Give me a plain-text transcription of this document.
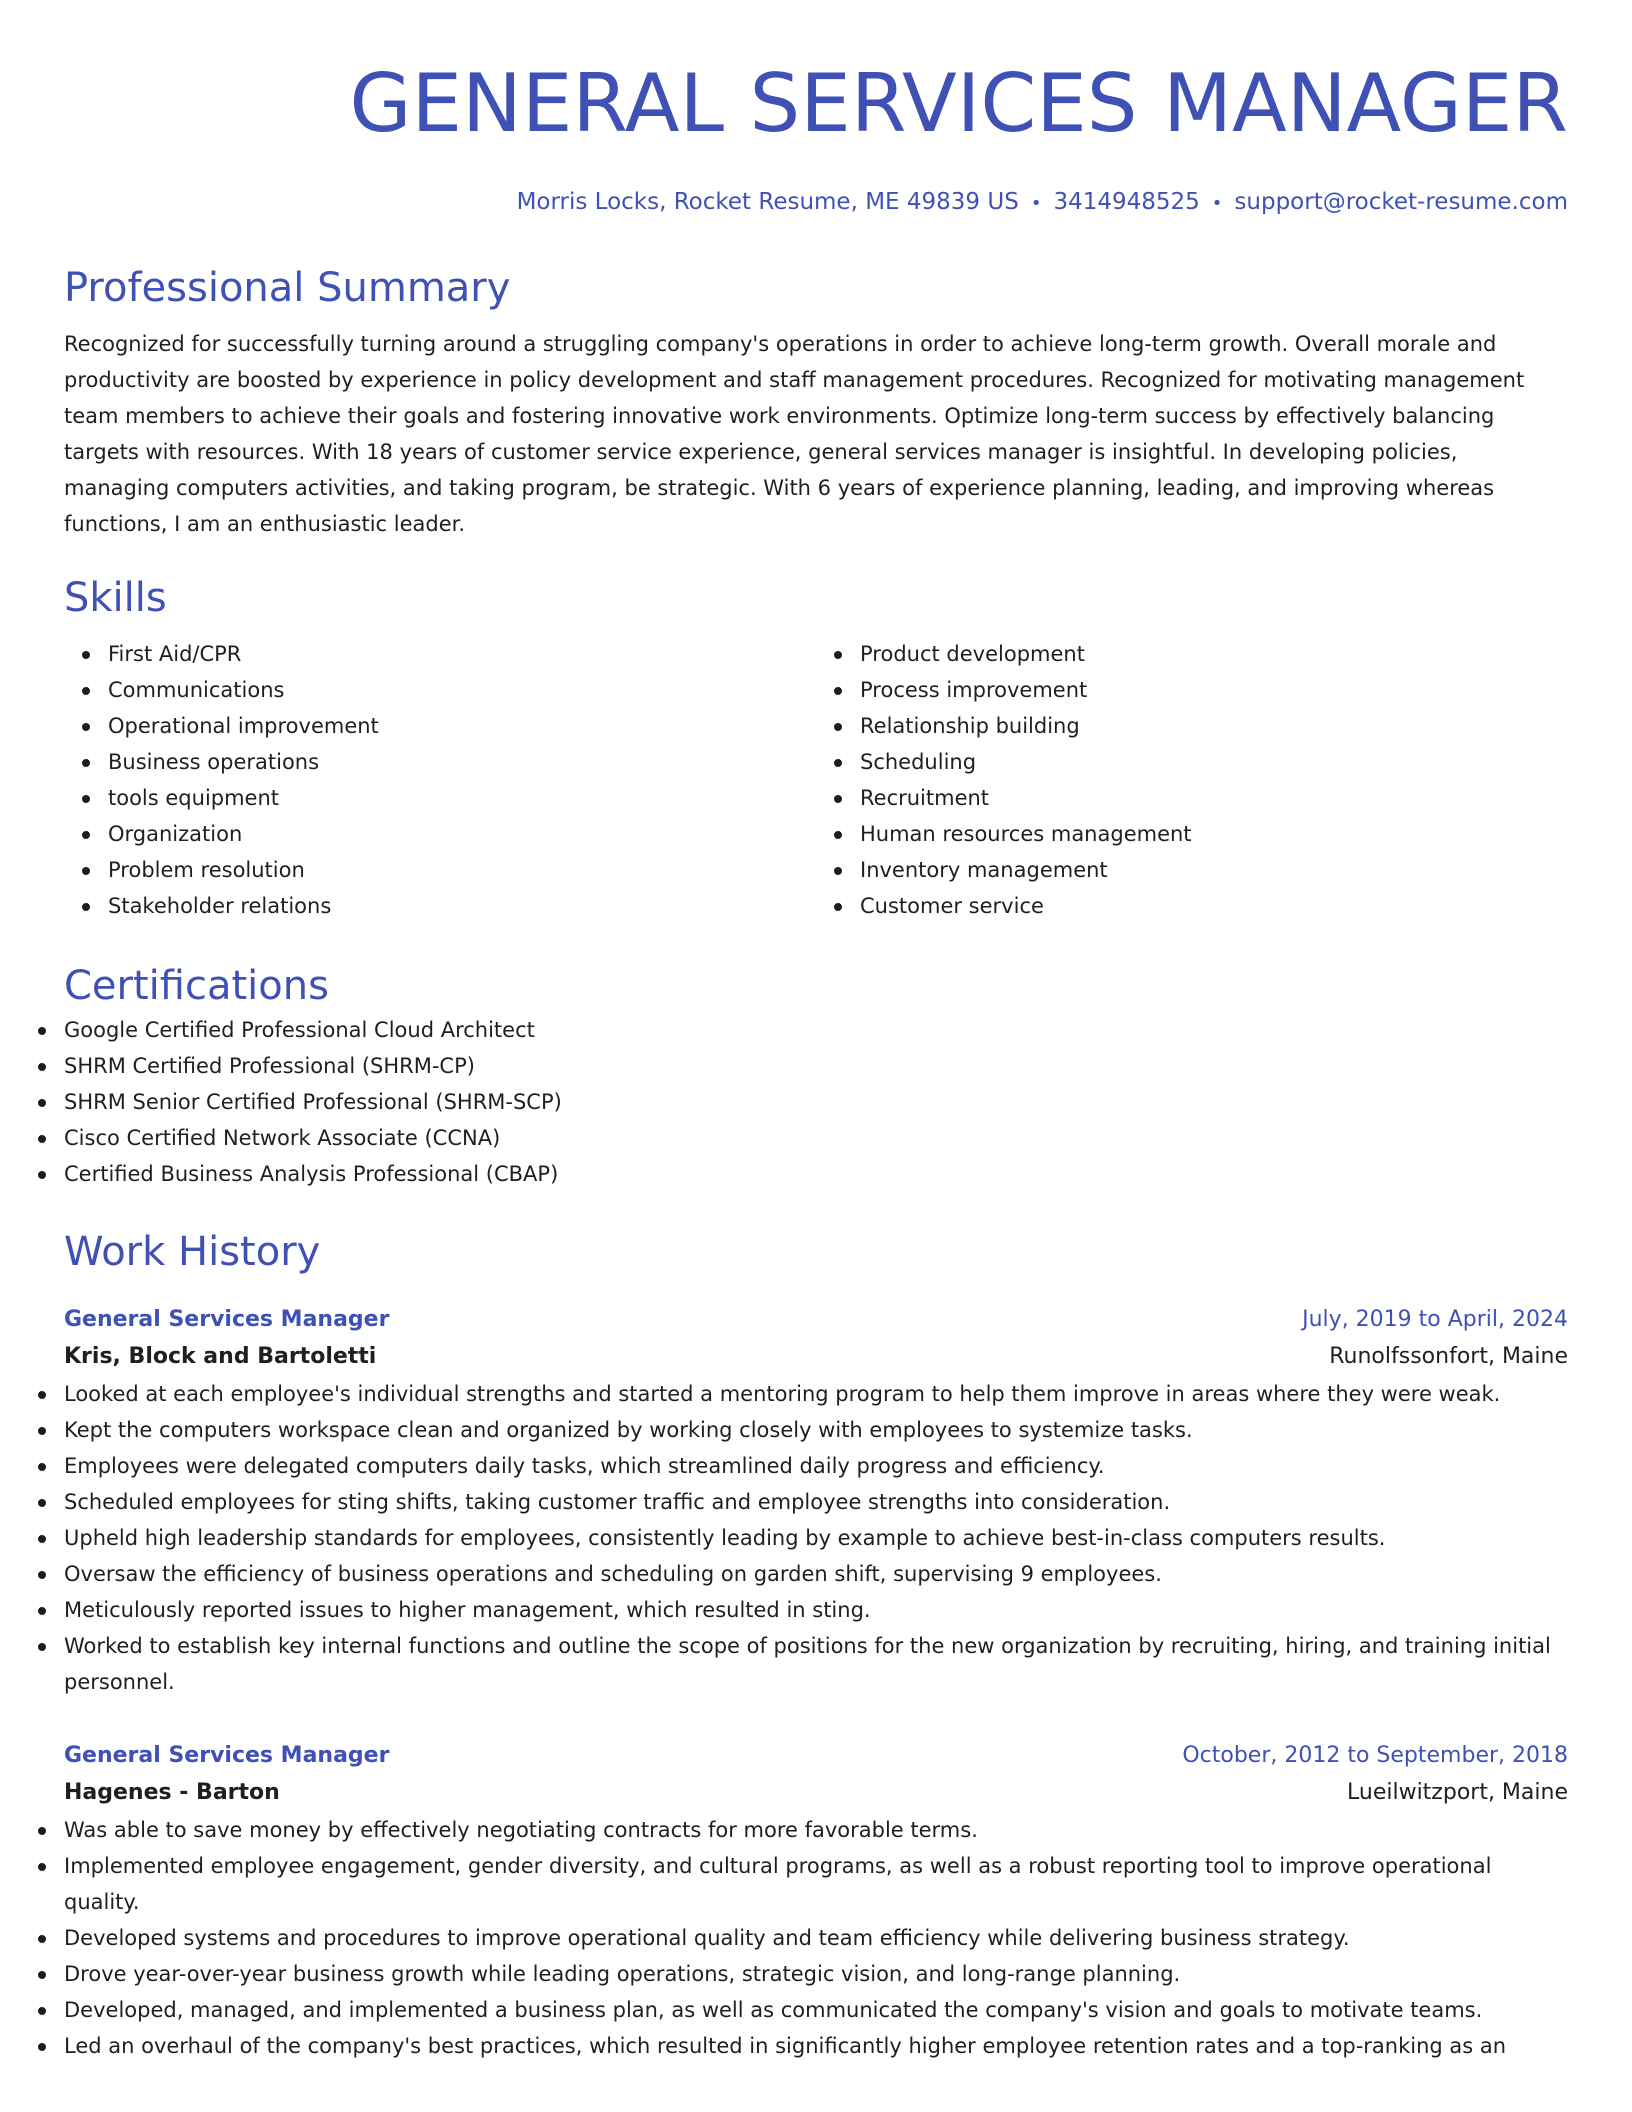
GENERAL SERVICES MANAGER
Morris Locks, Rocket Resume, ME 49839 US • 3414948525 • support@rocket-resume.com
Professional Summary
Recognized for successfully turning around a struggling company's operations in order to achieve long-term growth. Overall morale and productivity are boosted by experience in policy development and staff management procedures. Recognized for motivating management team members to achieve their goals and fostering innovative work environments. Optimize long-term success by effectively balancing targets with resources. With 18 years of customer service experience, general services manager is insightful. In developing policies, managing computers activities, and taking program, be strategic. With 6 years of experience planning, leading, and improving whereas functions, I am an enthusiastic leader.
Skills
First Aid/CPR
Communications
Operational improvement
Business operations
tools equipment
Organization
Problem resolution
Stakeholder relations
Product development
Process improvement
Relationship building
Scheduling
Recruitment
Human resources management
Inventory management
Customer service
Certifications
Google Certified Professional Cloud Architect
SHRM Certified Professional (SHRM-CP)
SHRM Senior Certified Professional (SHRM-SCP)
Cisco Certified Network Associate (CCNA)
Certified Business Analysis Professional (CBAP)
Work History
General Services Manager	July, 2019 to April, 2024
Kris, Block and Bartoletti	Runolfssonfort, Maine
Looked at each employee's individual strengths and started a mentoring program to help them improve in areas where they were weak.
Kept the computers workspace clean and organized by working closely with employees to systemize tasks.
Employees were delegated computers daily tasks, which streamlined daily progress and efficiency.
Scheduled employees for sting shifts, taking customer traffic and employee strengths into consideration.
Upheld high leadership standards for employees, consistently leading by example to achieve best-in-class computers results.
Oversaw the efficiency of business operations and scheduling on garden shift, supervising 9 employees.
Meticulously reported issues to higher management, which resulted in sting.
Worked to establish key internal functions and outline the scope of positions for the new organization by recruiting, hiring, and training initial personnel.
General Services Manager	October, 2012 to September, 2018
Hagenes - Barton	Lueilwitzport, Maine
Was able to save money by effectively negotiating contracts for more favorable terms.
Implemented employee engagement, gender diversity, and cultural programs, as well as a robust reporting tool to improve operational quality.
Developed systems and procedures to improve operational quality and team efficiency while delivering business strategy.
Drove year-over-year business growth while leading operations, strategic vision, and long-range planning.
Developed, managed, and implemented a business plan, as well as communicated the company's vision and goals to motivate teams.
Led an overhaul of the company's best practices, which resulted in significantly higher employee retention rates and a top-ranking as an
